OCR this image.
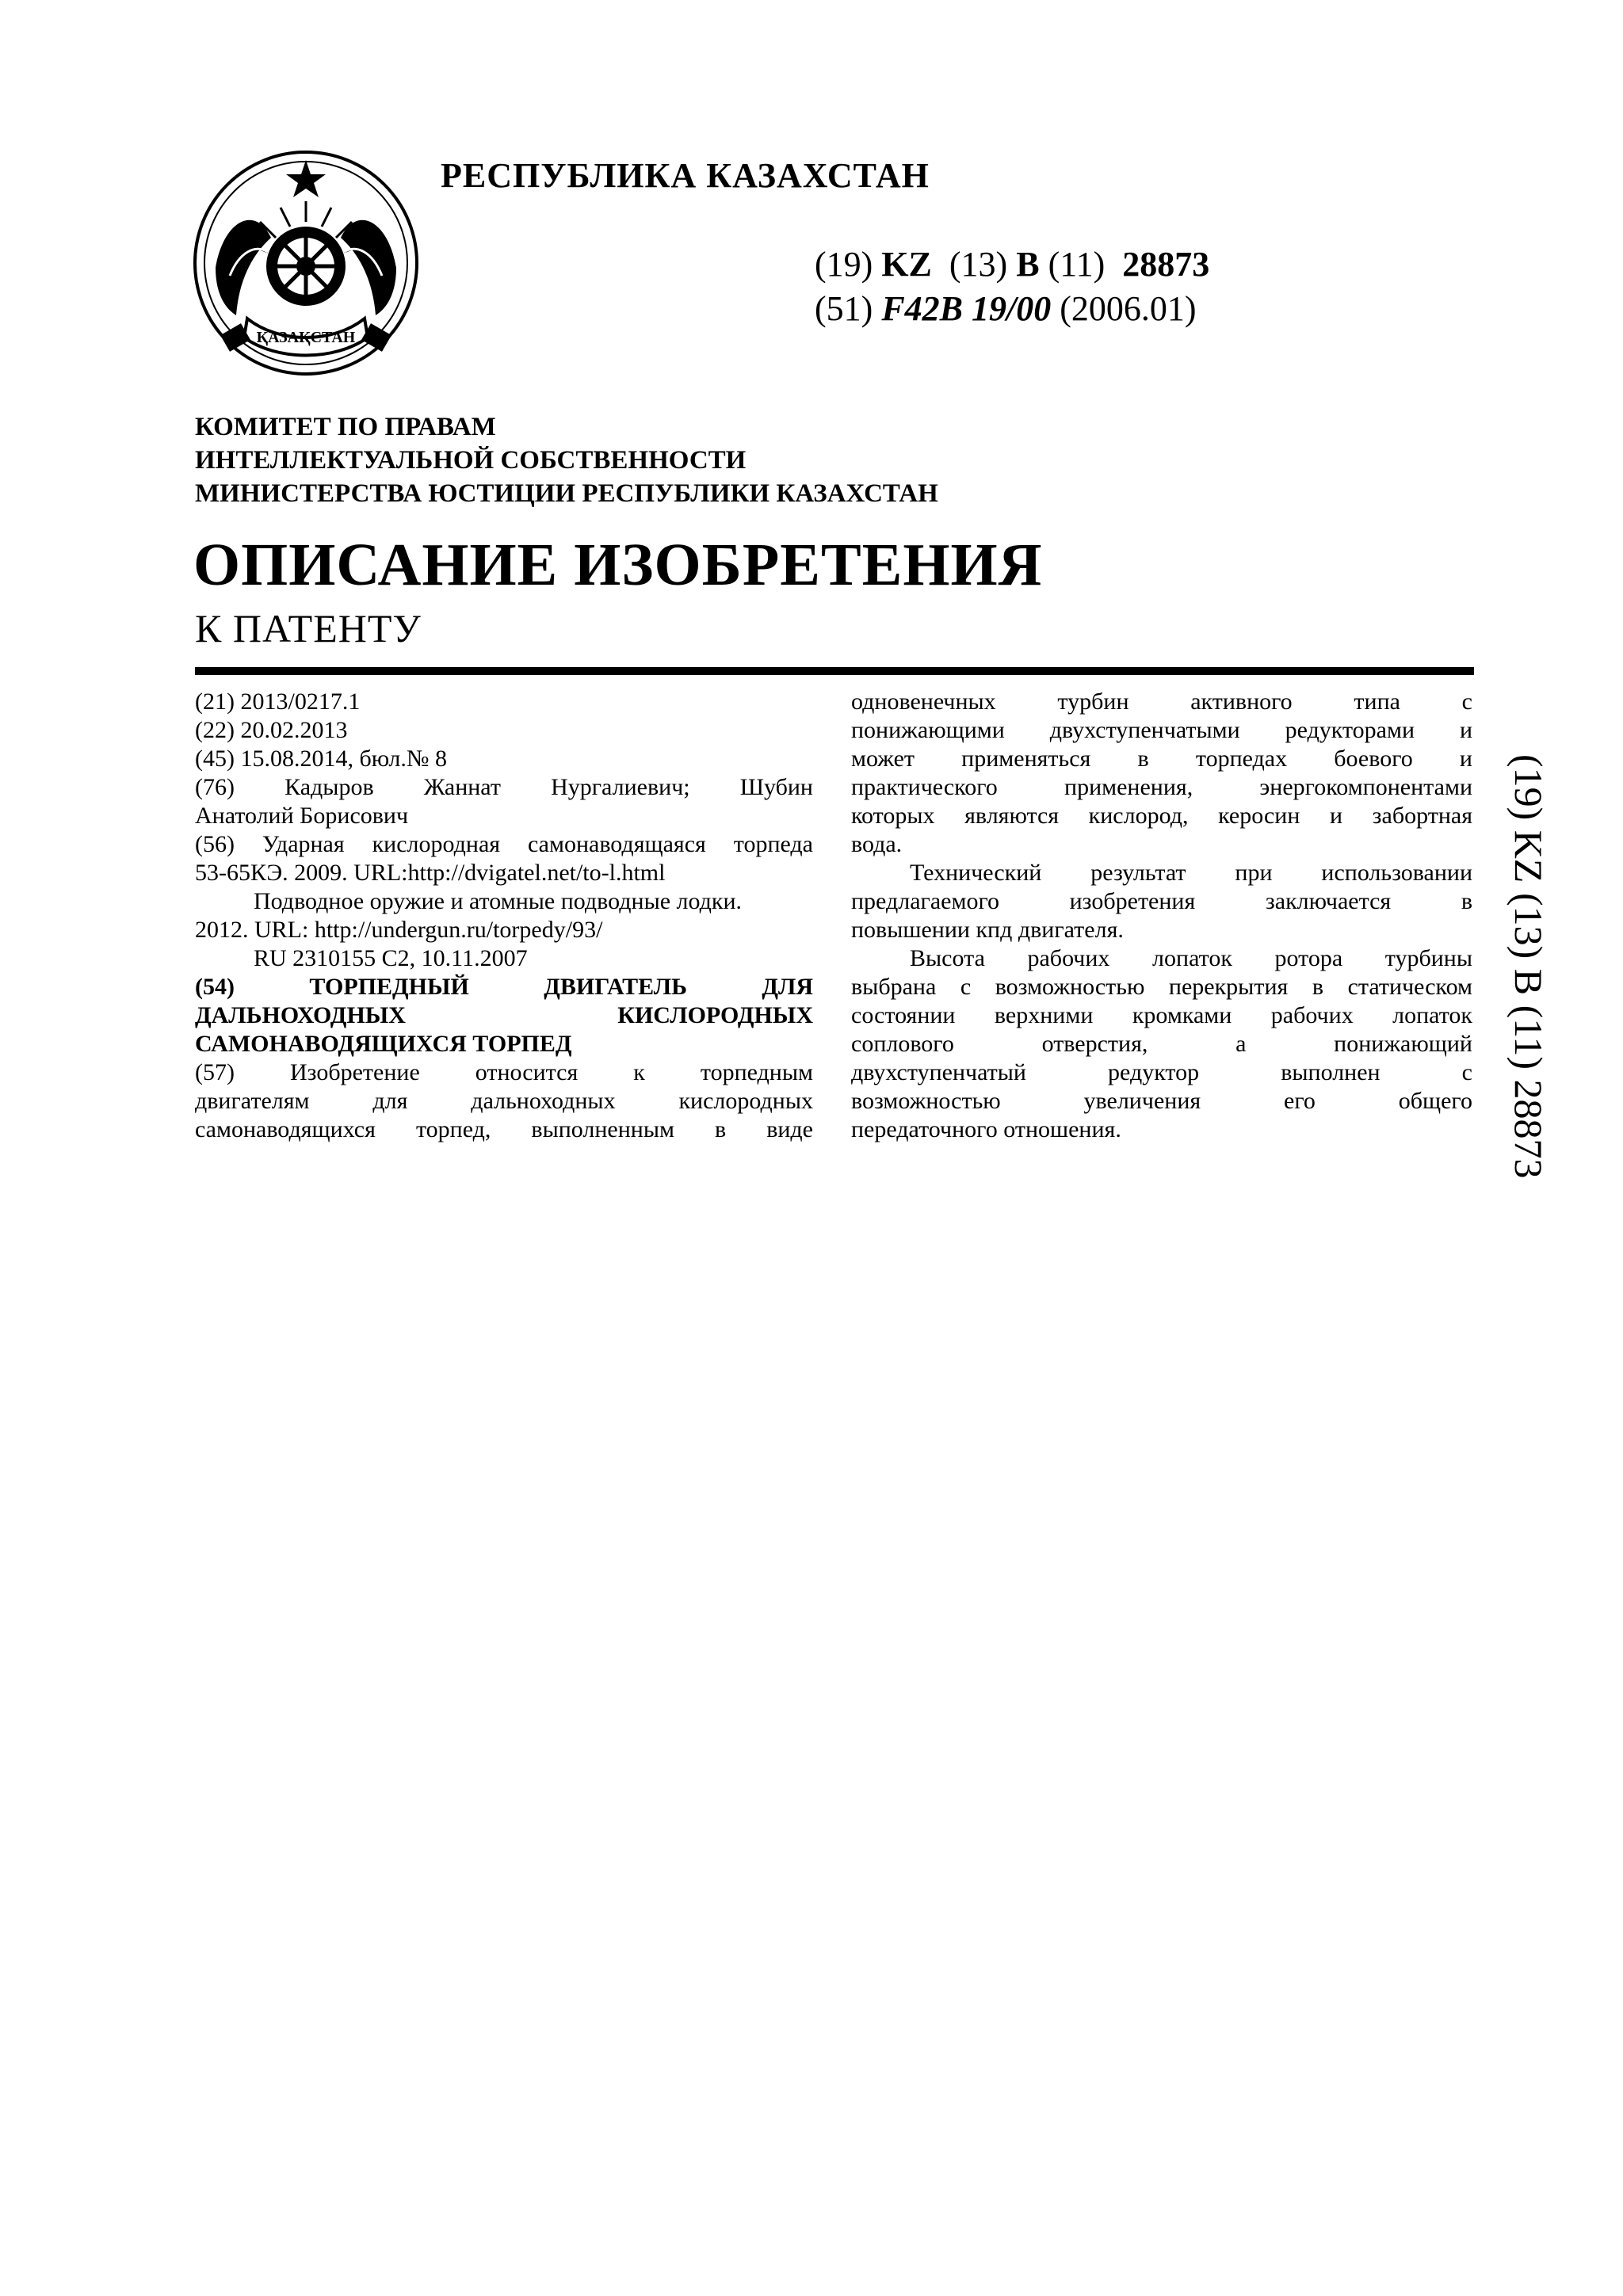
ҚАЗАҚСТАН
РЕСПУБЛИКА КАЗАХСТАН
(19) KZ (13) B (11) 28873
(51) F42B 19/00 (2006.01)
КОМИТЕТ ПО ПРАВАМ
ИНТЕЛЛЕКТУАЛЬНОЙ СОБСТВЕННОСТИ
МИНИСТЕРСТВА ЮСТИЦИИ РЕСПУБЛИКИ КАЗАХСТАН
ОПИСАНИЕ ИЗОБРЕТЕНИЯ
К ПАТЕНТУ
(21) 2013/0217.1
(22) 20.02.2013
(45) 15.08.2014, бюл.№ 8
(76) Кадыров Жаннат Нургалиевич; Шубин
Анатолий Борисович
(56) Ударная кислородная самонаводящаяся торпеда
53-65КЭ. 2009. URL:http://dvigatel.net/to-l.html
Подводное оружие и атомные подводные лодки.
2012. URL: http://undergun.ru/torpedy/93/
RU 2310155 C2, 10.11.2007
(54) ТОРПЕДНЫЙ ДВИГАТЕЛЬ ДЛЯ
ДАЛЬНОХОДНЫХ КИСЛОРОДНЫХ
САМОНАВОДЯЩИХСЯ ТОРПЕД
(57) Изобретение относится к торпедным
двигателям для дальноходных кислородных
самонаводящихся торпед, выполненным в виде
одновенечных турбин активного типа с
понижающими двухступенчатыми редукторами и
может применяться в торпедах боевого и
практического применения, энергокомпонентами
которых являются кислород, керосин и забортная
вода.
Технический результат при использовании
предлагаемого изобретения заключается в
повышении кпд двигателя.
Высота рабочих лопаток ротора турбины
выбрана с возможностью перекрытия в статическом
состоянии верхними кромками рабочих лопаток
соплового отверстия, а понижающий
двухступенчатый редуктор выполнен с
возможностью увеличения его общего
передаточного отношения.	(19) KZ (13) B (11) 28873
